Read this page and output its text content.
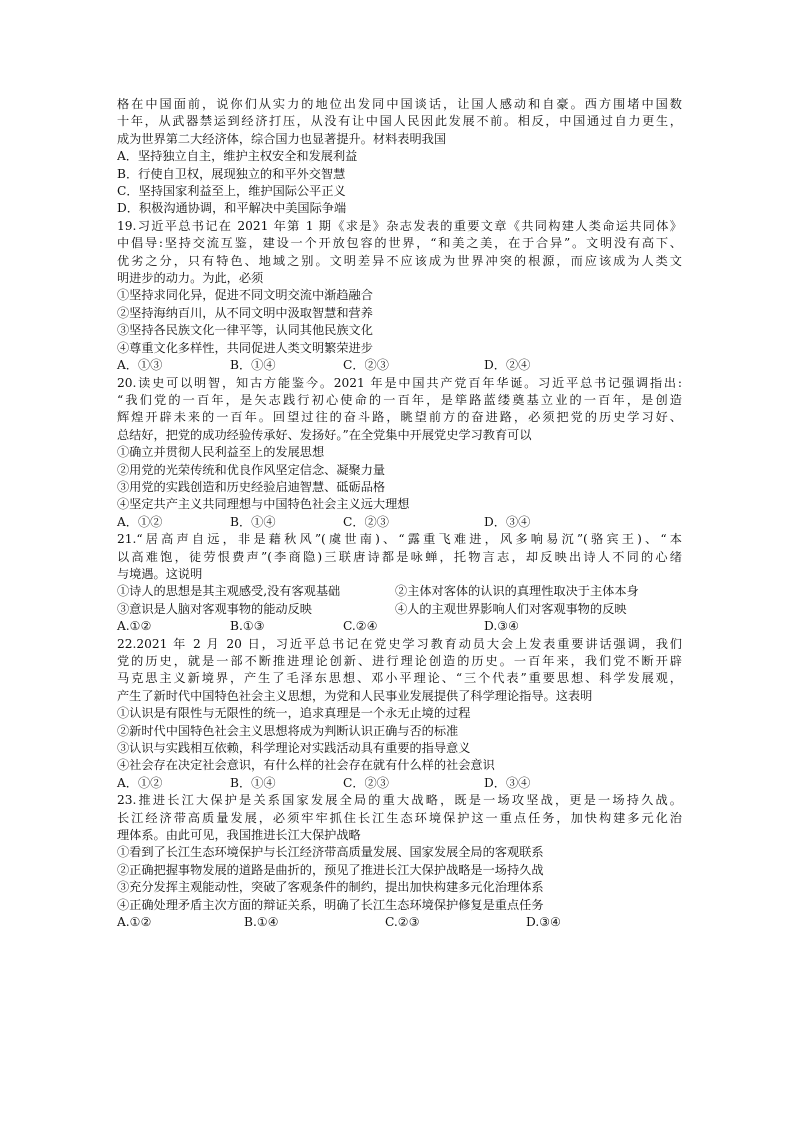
格在中国面前，说你们从实力的地位出发同中国谈话，让国人感动和自豪。西方围堵中国数
十年，从武器禁运到经济打压，从没有让中国人民因此发展不前。相反，中国通过自力更生，
成为世界第二大经济体，综合国力也显著提升。材料表明我国
A．坚持独立自主，维护主权安全和发展利益
B．行使自卫权，展现独立的和平外交智慧
C．坚持国家利益至上，维护国际公平正义
D．积极沟通协调，和平解决中美国际争端
19.习近平总书记在 2021 年第 1 期《求是》杂志发表的重要文章《共同构建人类命运共同体》
中倡导:坚持交流互鉴，建设一个开放包容的世界，“和美之美，在于合异”。文明没有高下、
优劣之分，只有特色、地域之别。文明差异不应该成为世界冲突的根源，而应该成为人类文
明进步的动力。为此，必须
①坚持求同化异，促进不同文明交流中渐趋融合
②坚持海纳百川，从不同文明中汲取智慧和营养
③坚持各民族文化一律平等，认同其他民族文化
④尊重文化多样性，共同促进人类文明繁荣进步
A．①③	B．①④	C．②③	D．②④
20.读史可以明智，知古方能鉴今。2021 年是中国共产党百年华诞。习近平总书记强调指出:
“我们党的一百年，是矢志践行初心使命的一百年，是筚路蓝缕奠基立业的一百年，是创造
辉煌开辟未来的一百年。回望过往的奋斗路，眺望前方的奋进路，必须把党的历史学习好、
总结好，把党的成功经验传承好、发扬好。”在全党集中开展党史学习教育可以
①确立并贯彻人民利益至上的发展思想
②用党的光荣传统和优良作风坚定信念、凝聚力量
③用党的实践创造和历史经验启迪智慧、砥砺品格
④坚定共产主义共同理想与中国特色社会主义远大理想
A．①②	B．①④	C．②③	D．③④
21.“居高声自远，非是藉秋风”(虞世南)、“露重飞难进，风多响易沉”(骆宾王)、“本
以高难饱，徒劳恨费声”(李商隐)三联唐诗都是咏蝉，托物言志，却反映出诗人不同的心绪
与境遇。这说明
①诗人的思想是其主观感受,没有客观基础	②主体对客体的认识的真理性取决于主体本身
③意识是人脑对客观事物的能动反映	④人的主观世界影响人们对客观事物的反映
A.①②	B.①③	C.②④	D.③④
22.2021 年 2 月 20 日，习近平总书记在党史学习教育动员大会上发表重要讲话强调，我们
党的历史，就是一部不断推进理论创新、进行理论创造的历史。一百年来，我们党不断开辟
马克思主义新境界，产生了毛泽东思想、邓小平理论、“三个代表”重要思想、科学发展观，
产生了新时代中国特色社会主义思想，为党和人民事业发展提供了科学理论指导。这表明
①认识是有限性与无限性的统一，追求真理是一个永无止境的过程
②新时代中国特色社会主义思想将成为判断认识正确与否的标准
③认识与实践相互依赖，科学理论对实践活动具有重要的指导意义
④社会存在决定社会意识，有什么样的社会存在就有什么样的社会意识
A．①②	B．①④	C．②③	D．③④
23.推进长江大保护是关系国家发展全局的重大战略，既是一场攻坚战，更是一场持久战。
长江经济带高质量发展，必须牢牢抓住长江生态环境保护这一重点任务，加快构建多元化治
理体系。由此可见，我国推进长江大保护战略
①看到了长江生态环境保护与长江经济带高质量发展、国家发展全局的客观联系
②正确把握事物发展的道路是曲折的，预见了推进长江大保护战略是一场持久战
③充分发挥主观能动性，突破了客观条件的制约，提出加快构建多元化治理体系
④正确处理矛盾主次方面的辩证关系，明确了长江生态环境保护修复是重点任务
A.①②	B.①④	C.②③	D.③④
